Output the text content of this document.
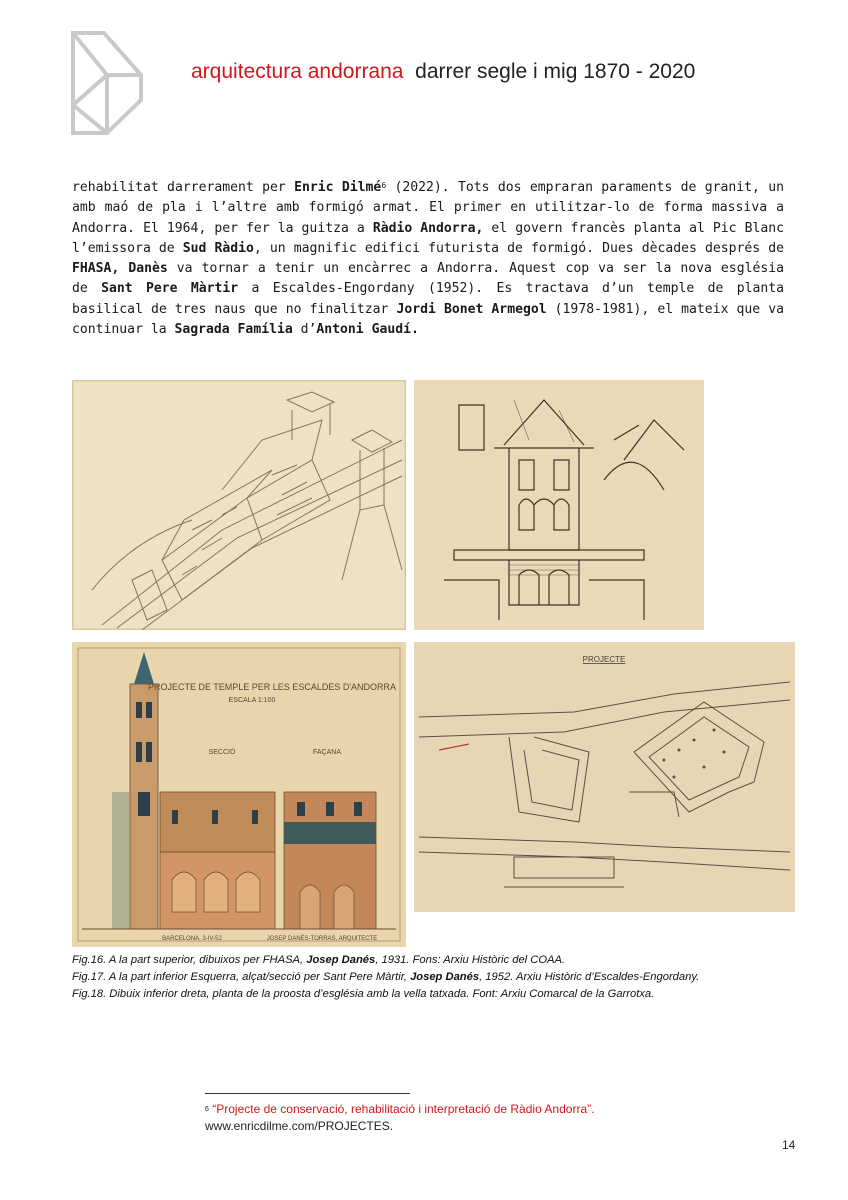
arquitectura andorrana darrer segle i mig 1870 - 2020
rehabilitat darrerament per Enric Dilmé$^6$ (2022). Tots dos empraran paraments de granit, un amb maó de pla i l’altre amb formigó armat. El primer en utilitzar-lo de forma massiva a Andorra. El 1964, per fer la guitza a Ràdio Andorra, el govern francès planta al Pic Blanc l’emissora de Sud Ràdio, un magnific edifici futurista de formigó. Dues dècades després de FHASA, Danès va tornar a tenir un encàrrec a Andorra. Aquest cop va ser la nova església de Sant Pere Màrtir a Escaldes-Engordany (1952). Es tractava d’un temple de planta basilical de tres naus que no finalitzar Jordi Bonet Armegol (1978-1981), el mateix que va continuar la Sagrada Família d’Antoni Gaudí.
PROJECTE DE TEMPLE PER LES ESCALDES D'ANDORRA
ESCALA 1:100
SECCIÓ	FAÇANA
BARCELONA, 3-IV-52	JOSEP DANÉS-TORRAS, ARQUITECTE
PROJECTE

Fig.16. A la part superior, dibuixos per FHASA, Josep Danés, 1931. Fons: Arxiu Històric del COAA.

Fig.17. A la part inferior Esquerra, alçat/secció per Sant Pere Màrtir, Josep Danés, 1952. Arxiu Històric d’Escaldes-Engordany.

Fig.18. Dibuix inferior dreta, planta de la proosta d’església amb la vella tatxada. Font: Arxiu Comarcal de la Garrotxa.

$^6$ “Projecte de conservació, rehabilitació i interpretació de Ràdio Andorra”.
www.enricdilme.com/PROJECTES.
14
